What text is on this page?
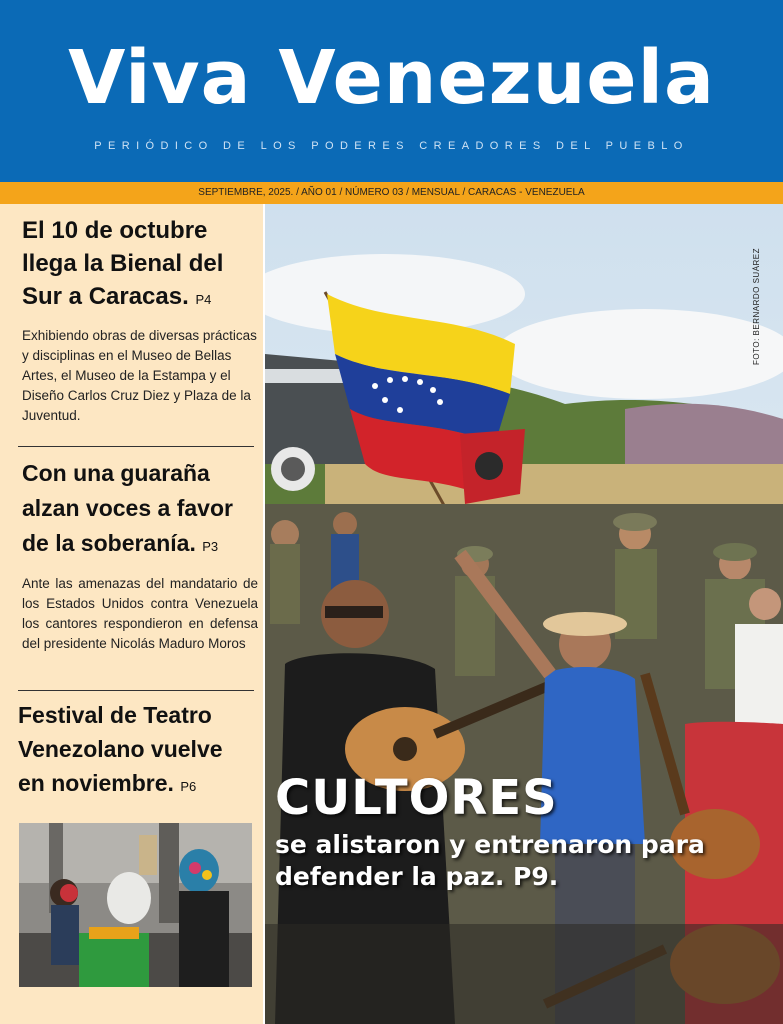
Viva Venezuela
PERIÓDICO DE LOS PODERES CREADORES DEL PUEBLO
SEPTIEMBRE, 2025. / AÑO 01 / NÚMERO 03 / MENSUAL / CARACAS - VENEZUELA
El 10 de octubre llega la Bienal del Sur a Caracas. P4
Exhibiendo obras de diversas prácticas y disciplinas en el Museo de Bellas Artes, el Museo de la Estampa y el Diseño Carlos Cruz Diez y Plaza de la Juventud.
Con una guaraña alzan voces a favor de la soberanía. P3
Ante las amenazas del mandatario de los Estados Unidos contra Venezuela los cantores respondieron en defensa del presidente Nicolás Maduro Moros
Festival de Teatro Venezolano vuelve en noviembre. P6
FOTO: BERNARDO SUÁREZ
CULTORES
se alistaron y entrenaron para defender la paz. P9.
